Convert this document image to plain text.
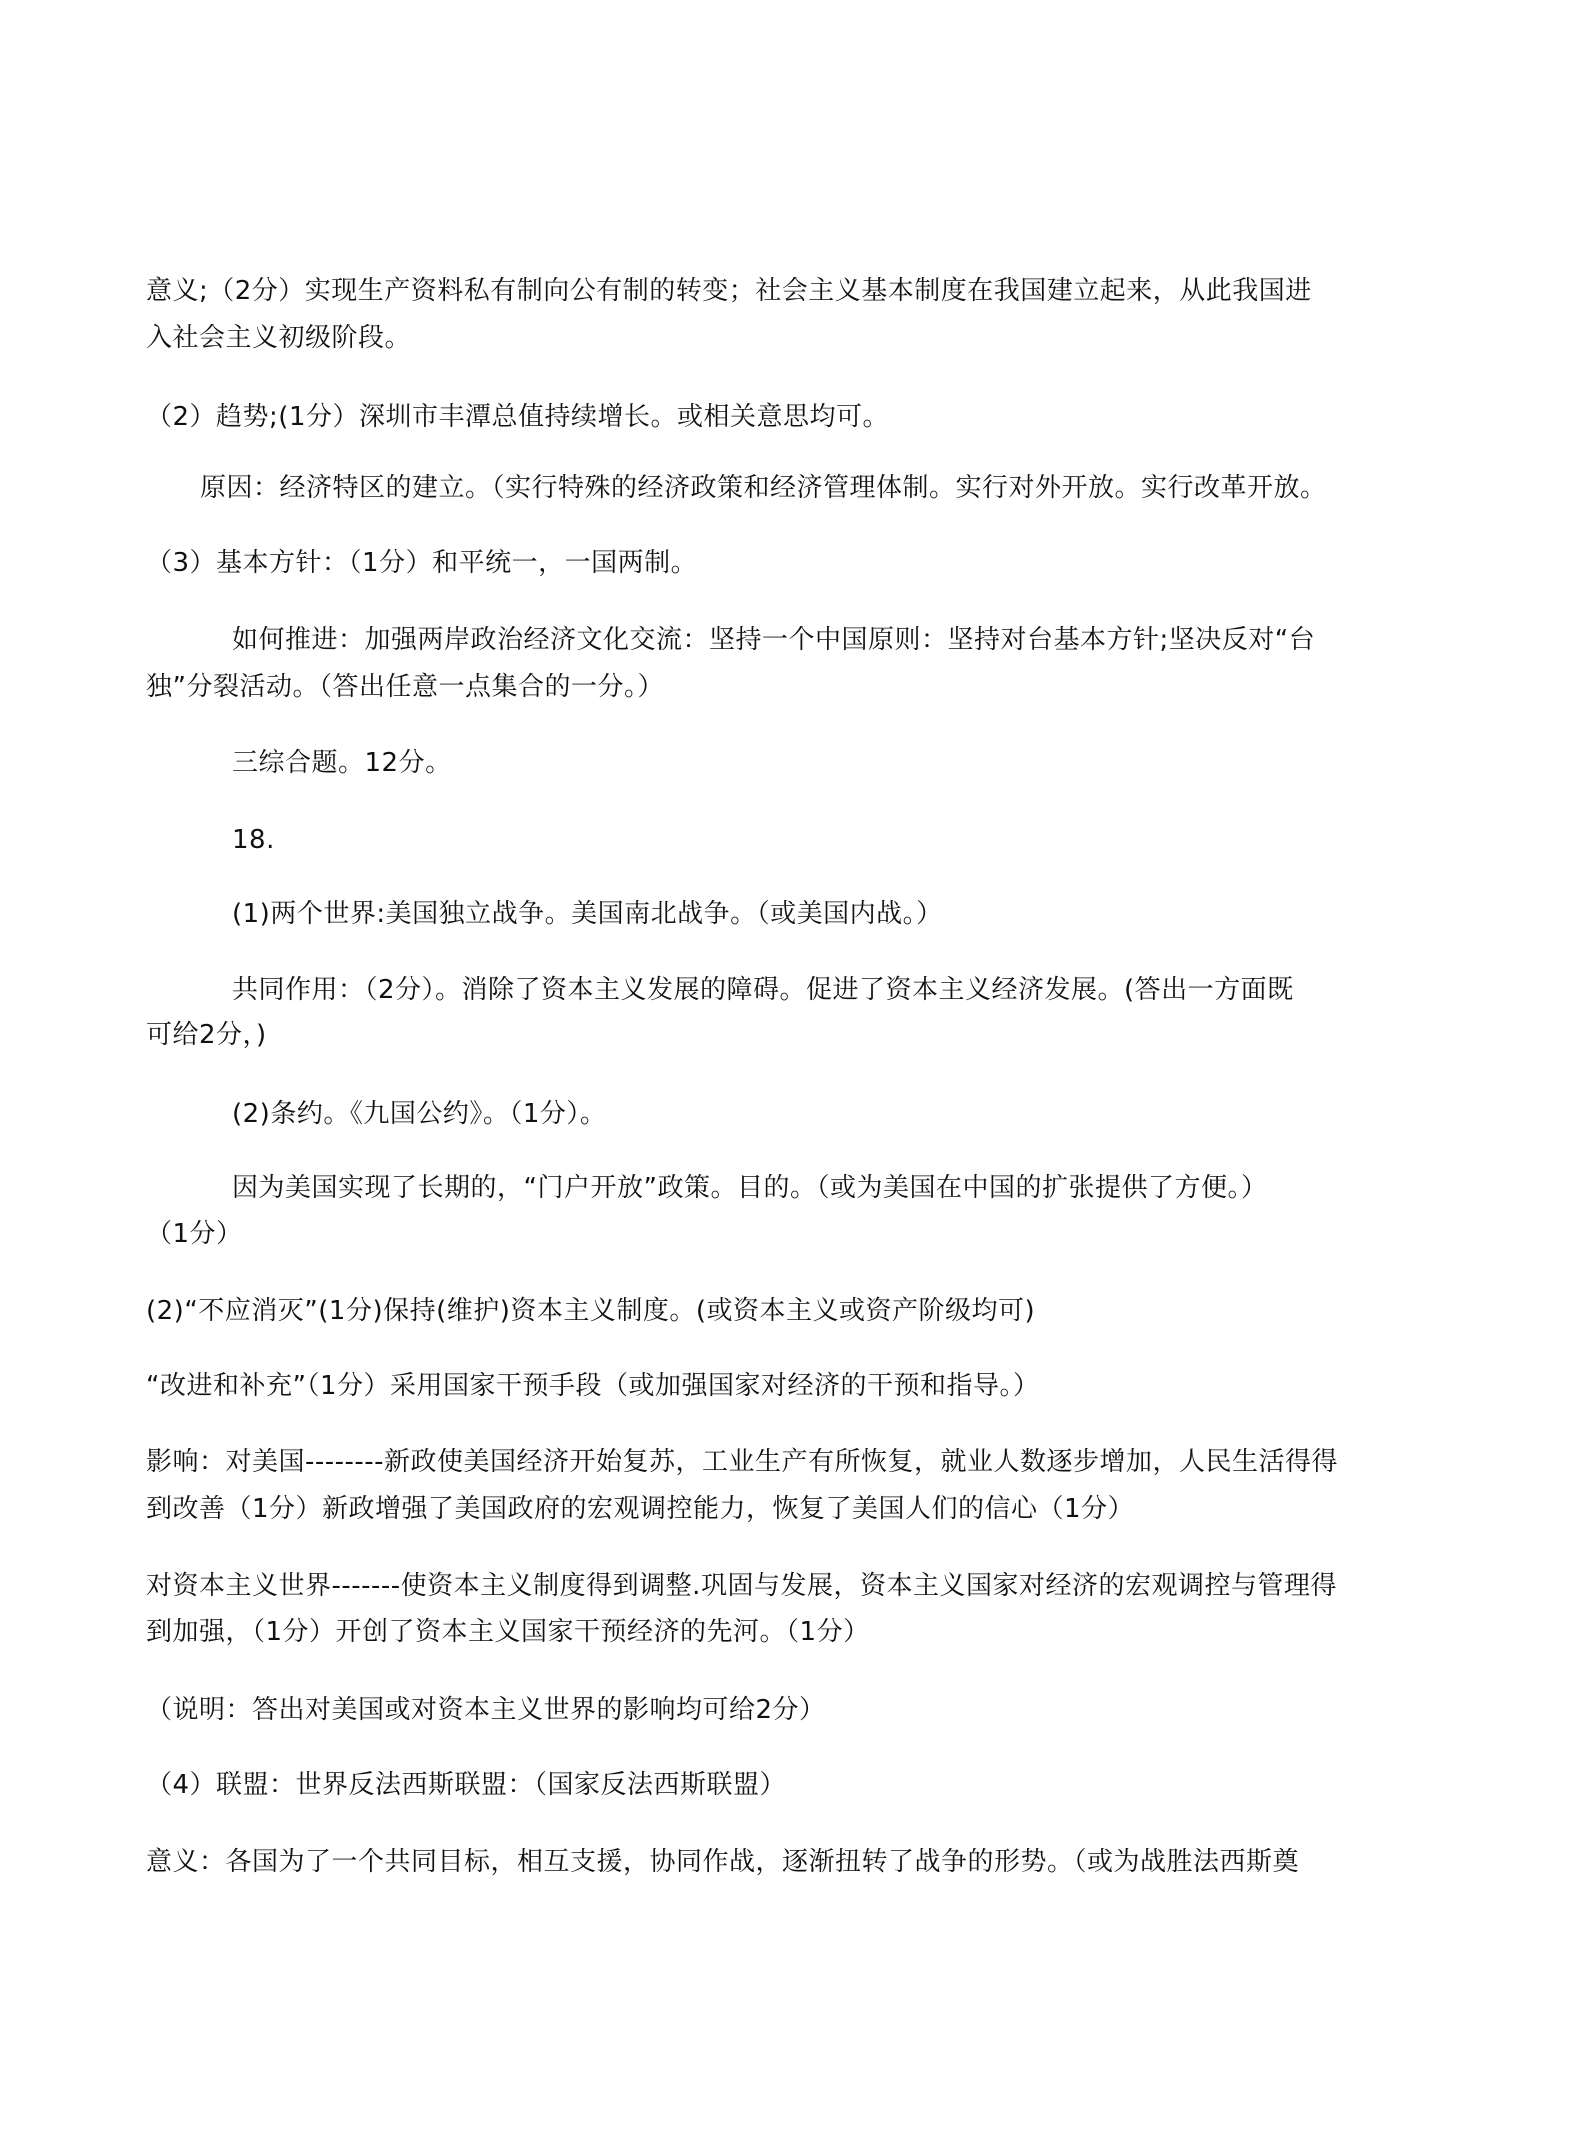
意义;（2分）实现生产资料私有制向公有制的转变；社会主义基本制度在我国建立起来，从此我国进
入社会主义初级阶段。
（2）趋势;(1分）深圳市丰潭总值持续增长。或相关意思均可。
原因：经济特区的建立。（实行特殊的经济政策和经济管理体制。实行对外开放。实行改革开放。
（3）基本方针：（1分）和平统一，一国两制。
如何推进：加强两岸政治经济文化交流：坚持一个中国原则：坚持对台基本方针;坚决反对“台
独”分裂活动。（答出任意一点集合的一分。）
三综合题。12分。
18.
(1)两个世界:美国独立战争。美国南北战争。（或美国内战。）
共同作用：（2分）。消除了资本主义发展的障碍。促进了资本主义经济发展。(答出一方面既
可给2分，)
(2)条约。《九国公约》。（1分）。
因为美国实现了长期的，“门户开放”政策。目的。（或为美国在中国的扩张提供了方便。）
（1分）
(2)“不应消灭”(1分)保持(维护)资本主义制度。(或资本主义或资产阶级均可)
“改进和补充”（1分）采用国家干预手段（或加强国家对经济的干预和指导。）
影响：对美国--------新政使美国经济开始复苏，工业生产有所恢复，就业人数逐步增加，人民生活得得
到改善（1分）新政增强了美国政府的宏观调控能力，恢复了美国人们的信心（1分）
对资本主义世界-------使资本主义制度得到调整.巩固与发展，资本主义国家对经济的宏观调控与管理得
到加强，（1分）开创了资本主义国家干预经济的先河。（1分）
（说明：答出对美国或对资本主义世界的影响均可给2分）
（4）联盟：世界反法西斯联盟：（国家反法西斯联盟）
意义：各国为了一个共同目标，相互支援，协同作战，逐渐扭转了战争的形势。（或为战胜法西斯奠
